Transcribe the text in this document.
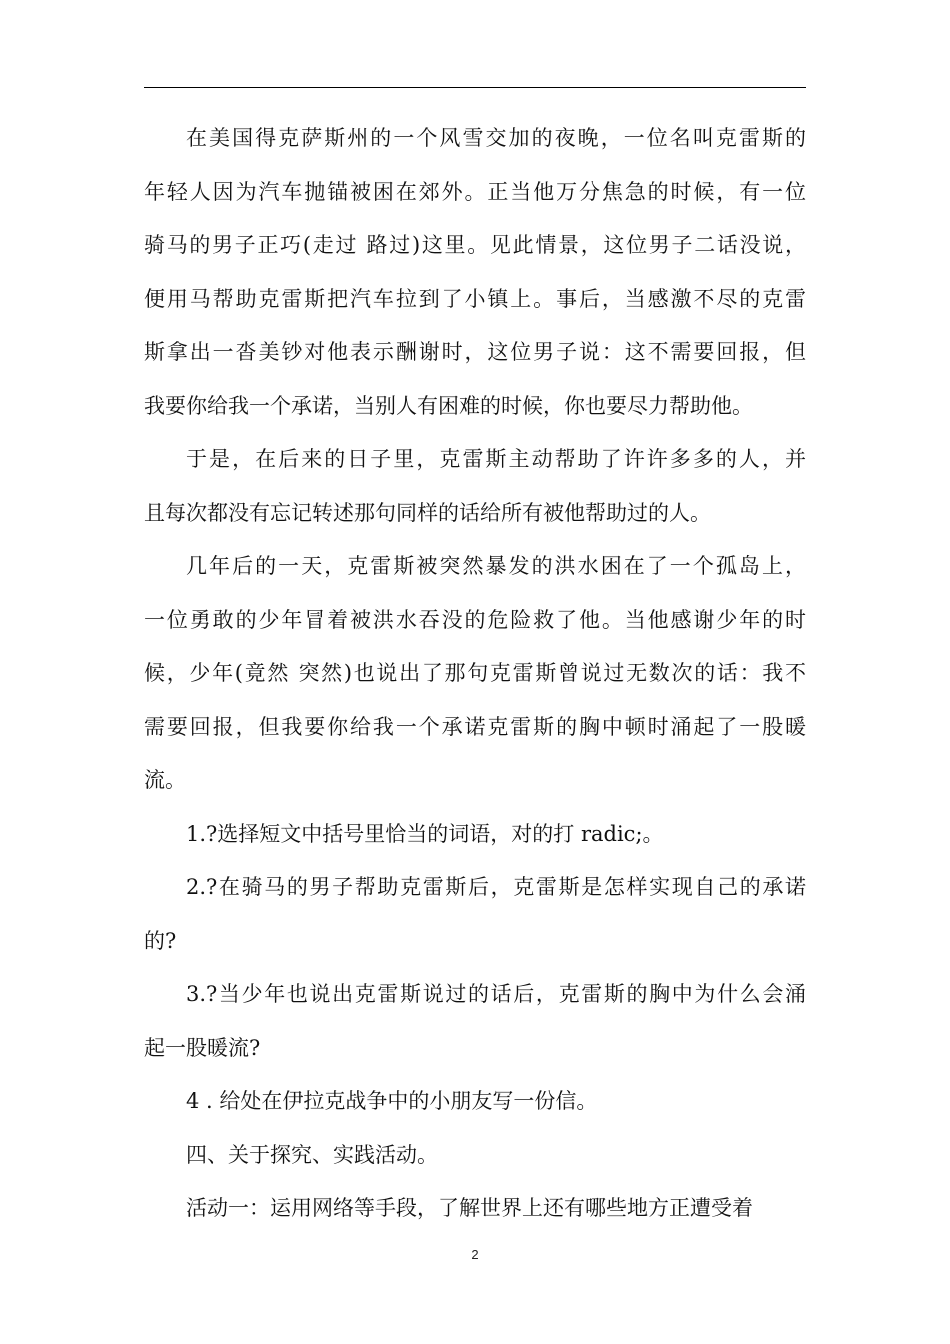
在美国得克萨斯州的一个风雪交加的夜晚，一位名叫克雷斯的
年轻人因为汽车抛锚被困在郊外。正当他万分焦急的时候，有一位
骑马的男子正巧(走过 路过)这里。见此情景，这位男子二话没说，
便用马帮助克雷斯把汽车拉到了小镇上。事后，当感激不尽的克雷
斯拿出一沓美钞对他表示酬谢时，这位男子说：这不需要回报，但
我要你给我一个承诺，当别人有困难的时候，你也要尽力帮助他。

于是，在后来的日子里，克雷斯主动帮助了许许多多的人，并
且每次都没有忘记转述那句同样的话给所有被他帮助过的人。

几年后的一天，克雷斯被突然暴发的洪水困在了一个孤岛上，
一位勇敢的少年冒着被洪水吞没的危险救了他。当他感谢少年的时
候，少年(竟然 突然)也说出了那句克雷斯曾说过无数次的话：我不
需要回报，但我要你给我一个承诺克雷斯的胸中顿时涌起了一股暖
流。

1.?选择短文中括号里恰当的词语，对的打 radic;。

2.?在骑马的男子帮助克雷斯后，克雷斯是怎样实现自己的承诺
的?

3.?当少年也说出克雷斯说过的话后，克雷斯的胸中为什么会涌
起一股暖流?

4 . 给处在伊拉克战争中的小朋友写一份信。

四、关于探究、实践活动。

活动一：运用网络等手段，了解世界上还有哪些地方正遭受着

2
